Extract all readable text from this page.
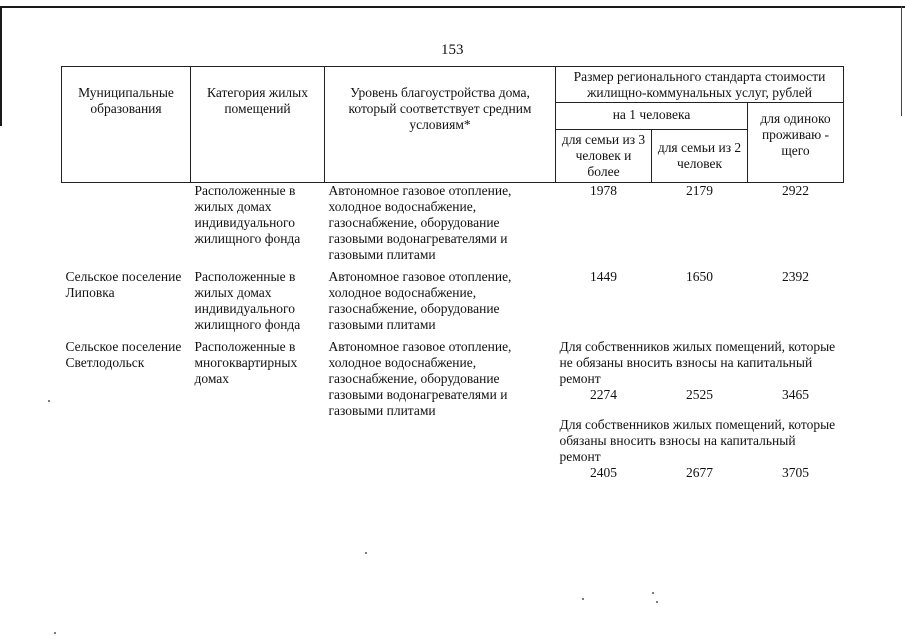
153
Муниципальные образования	Категория жилых помещений	Уровень благоустройства дома, который соответствует средним условиям*	Размер регионального стандарта стоимости жилищно-коммунальных услуг, рублей		
			на 1 человека		для одиноко проживаю - щего
			для семьи из 3 человек и более	для семьи из 2 человек	
	Расположенные в жилых домах индивидуального жилищного фонда	Автономное газовое отопление, холодное водоснабжение, газоснабжение, оборудование газовыми водонагревателями и газовыми плитами	1978	2179	2922
Сельское поселение Липовка	Расположенные в жилых домах индивидуального жилищного фонда	Автономное газовое отопление, холодное водоснабжение, газоснабжение, оборудование газовыми плитами	1449	1650	2392
Сельское поселение Светлодольск	Расположенные в многоквартирных домах	Автономное газовое отопление, холодное водоснабжение, газоснабжение, оборудование газовыми водонагревателями и газовыми плитами	Для собственников жилых помещений, которые не обязаны вносить взносы на капитальный ремонт		
			2274	2525	3465
			Для собственников жилых помещений, которые обязаны вносить взносы на капитальный ремонт		
			2405	2677	3705
